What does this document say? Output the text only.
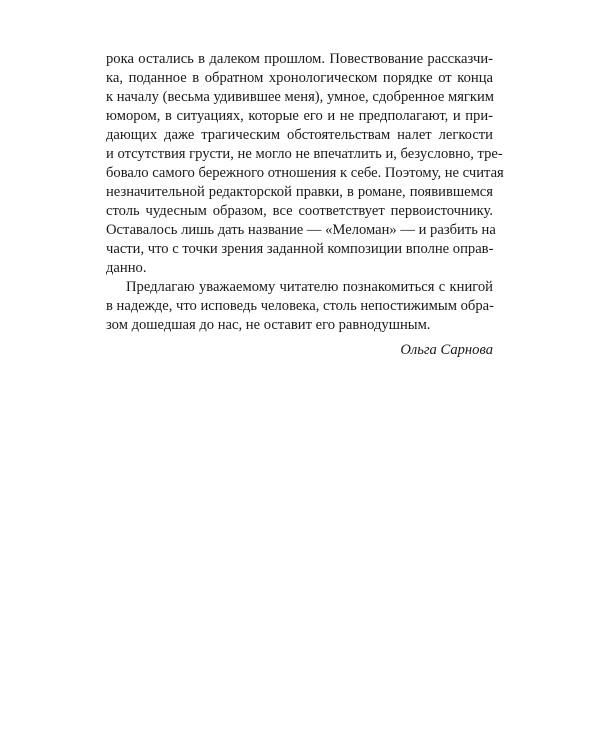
рока остались в далеком прошлом. Повествование рассказчи-
ка, поданное в обратном хронологическом порядке от конца
к началу (весьма удивившее меня), умное, сдобренное мягким
юмором, в ситуациях, которые его и не предполагают, и при-
дающих даже трагическим обстоятельствам налет легкости
и отсутствия грусти, не могло не впечатлить и, безусловно, тре-
бовало самого бережного отношения к себе. Поэтому, не считая
незначительной редакторской правки, в романе, появившемся
столь чудесным образом, все соответствует первоисточнику.
Оставалось лишь дать название — «Меломан» — и разбить на
части, что с точки зрения заданной композиции вполне оправ-
данно.
Предлагаю уважаемому читателю познакомиться с книгой
в надежде, что исповедь человека, столь непостижимым обра-
зом дошедшая до нас, не оставит его равнодушным.
Ольга Сарнова
